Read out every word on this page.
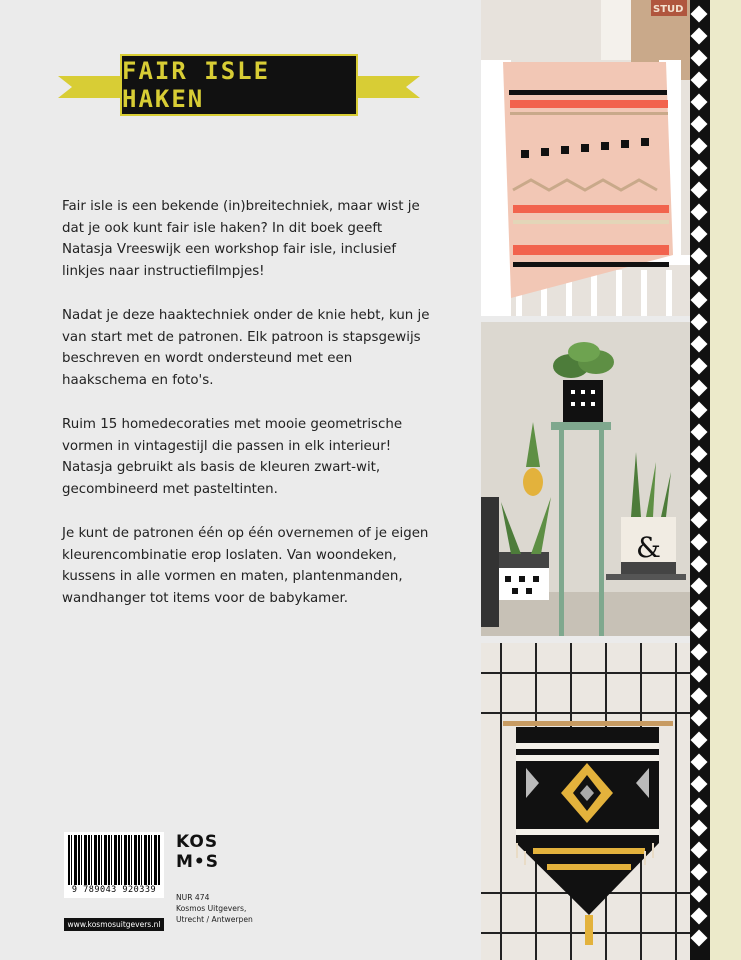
FAIR ISLE HAKEN

Fair isle is een bekende (in)breitechniek, maar wist je dat je ook kunt fair isle haken? In dit boek geeft Natasja Vreeswijk een workshop fair isle, inclusief linkjes naar instructiefilmpjes!

Nadat je deze haaktechniek onder de knie hebt, kun je van start met de patronen. Elk patroon is stapsgewijs beschreven en wordt ondersteund met een haakschema en foto's.

Ruim 15 homedecoraties met mooie geometrische vormen in vintagestijl die passen in elk interieur! Natasja gebruikt als basis de kleuren zwart-wit, gecombineerd met pasteltinten.

Je kunt de patronen één op één overnemen of je eigen kleurencombinatie erop loslaten. Van woondeken, kussens in alle vormen en maten, plantenmanden, wandhanger tot items voor de babykamer.

9 789043 920339
www.kosmosuitgevers.nl
KOS
M•S
NUR 474
Kosmos Uitgevers,
Utrecht / Antwerpen
STUD
&
